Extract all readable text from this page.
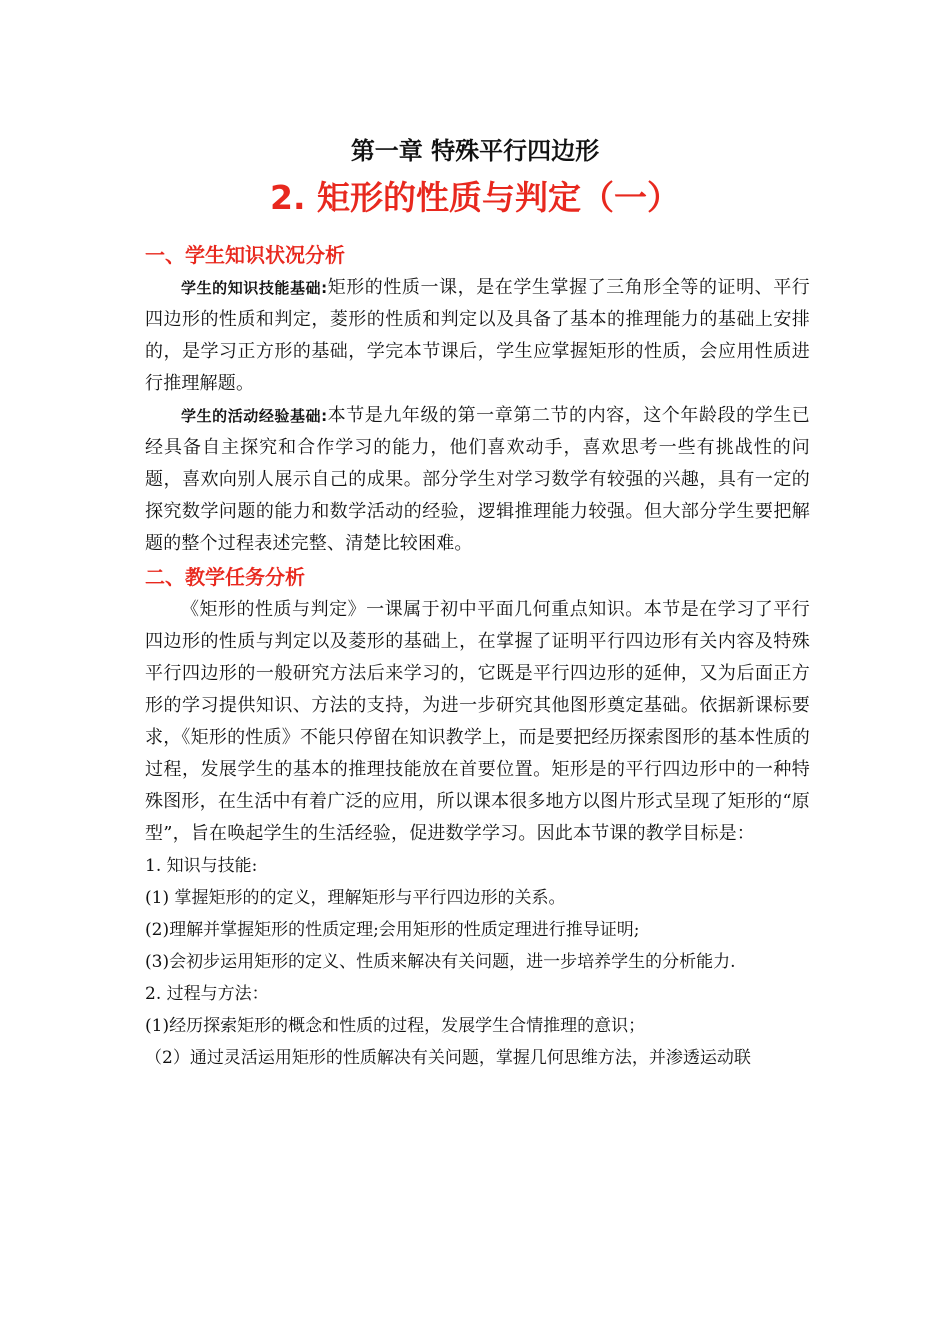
第一章 特殊平行四边形
2. 矩形的性质与判定（一）
一、学生知识状况分析

学生的知识技能基础:矩形的性质一课，是在学生掌握了三角形全等的证明、平行四边形的性质和判定，菱形的性质和判定以及具备了基本的推理能力的基础上安排的，是学习正方形的基础，学完本节课后，学生应掌握矩形的性质，会应用性质进行推理解题。

学生的活动经验基础:本节是九年级的第一章第二节的内容，这个年龄段的学生已经具备自主探究和合作学习的能力，他们喜欢动手，喜欢思考一些有挑战性的问题，喜欢向别人展示自己的成果。部分学生对学习数学有较强的兴趣，具有一定的探究数学问题的能力和数学活动的经验，逻辑推理能力较强。但大部分学生要把解题的整个过程表述完整、清楚比较困难。

二、教学任务分析

《矩形的性质与判定》一课属于初中平面几何重点知识。本节是在学习了平行四边形的性质与判定以及菱形的基础上，在掌握了证明平行四边形有关内容及特殊平行四边形的一般研究方法后来学习的，它既是平行四边形的延伸，又为后面正方形的学习提供知识、方法的支持，为进一步研究其他图形奠定基础。依据新课标要求，《矩形的性质》不能只停留在知识教学上，而是要把经历探索图形的基本性质的过程，发展学生的基本的推理技能放在首要位置。矩形是的平行四边形中的一种特殊图形，在生活中有着广泛的应用，所以课本很多地方以图片形式呈现了矩形的“原型”，旨在唤起学生的生活经验，促进数学学习。因此本节课的教学目标是：

1. 知识与技能:

(1) 掌握矩形的的定义，理解矩形与平行四边形的关系。

(2)理解并掌握矩形的性质定理;会用矩形的性质定理进行推导证明;

(3)会初步运用矩形的定义、性质来解决有关问题，进一步培养学生的分析能力.

2. 过程与方法：

(1)经历探索矩形的概念和性质的过程，发展学生合情推理的意识；

（2）通过灵活运用矩形的性质解决有关问题，掌握几何思维方法，并渗透运动联
